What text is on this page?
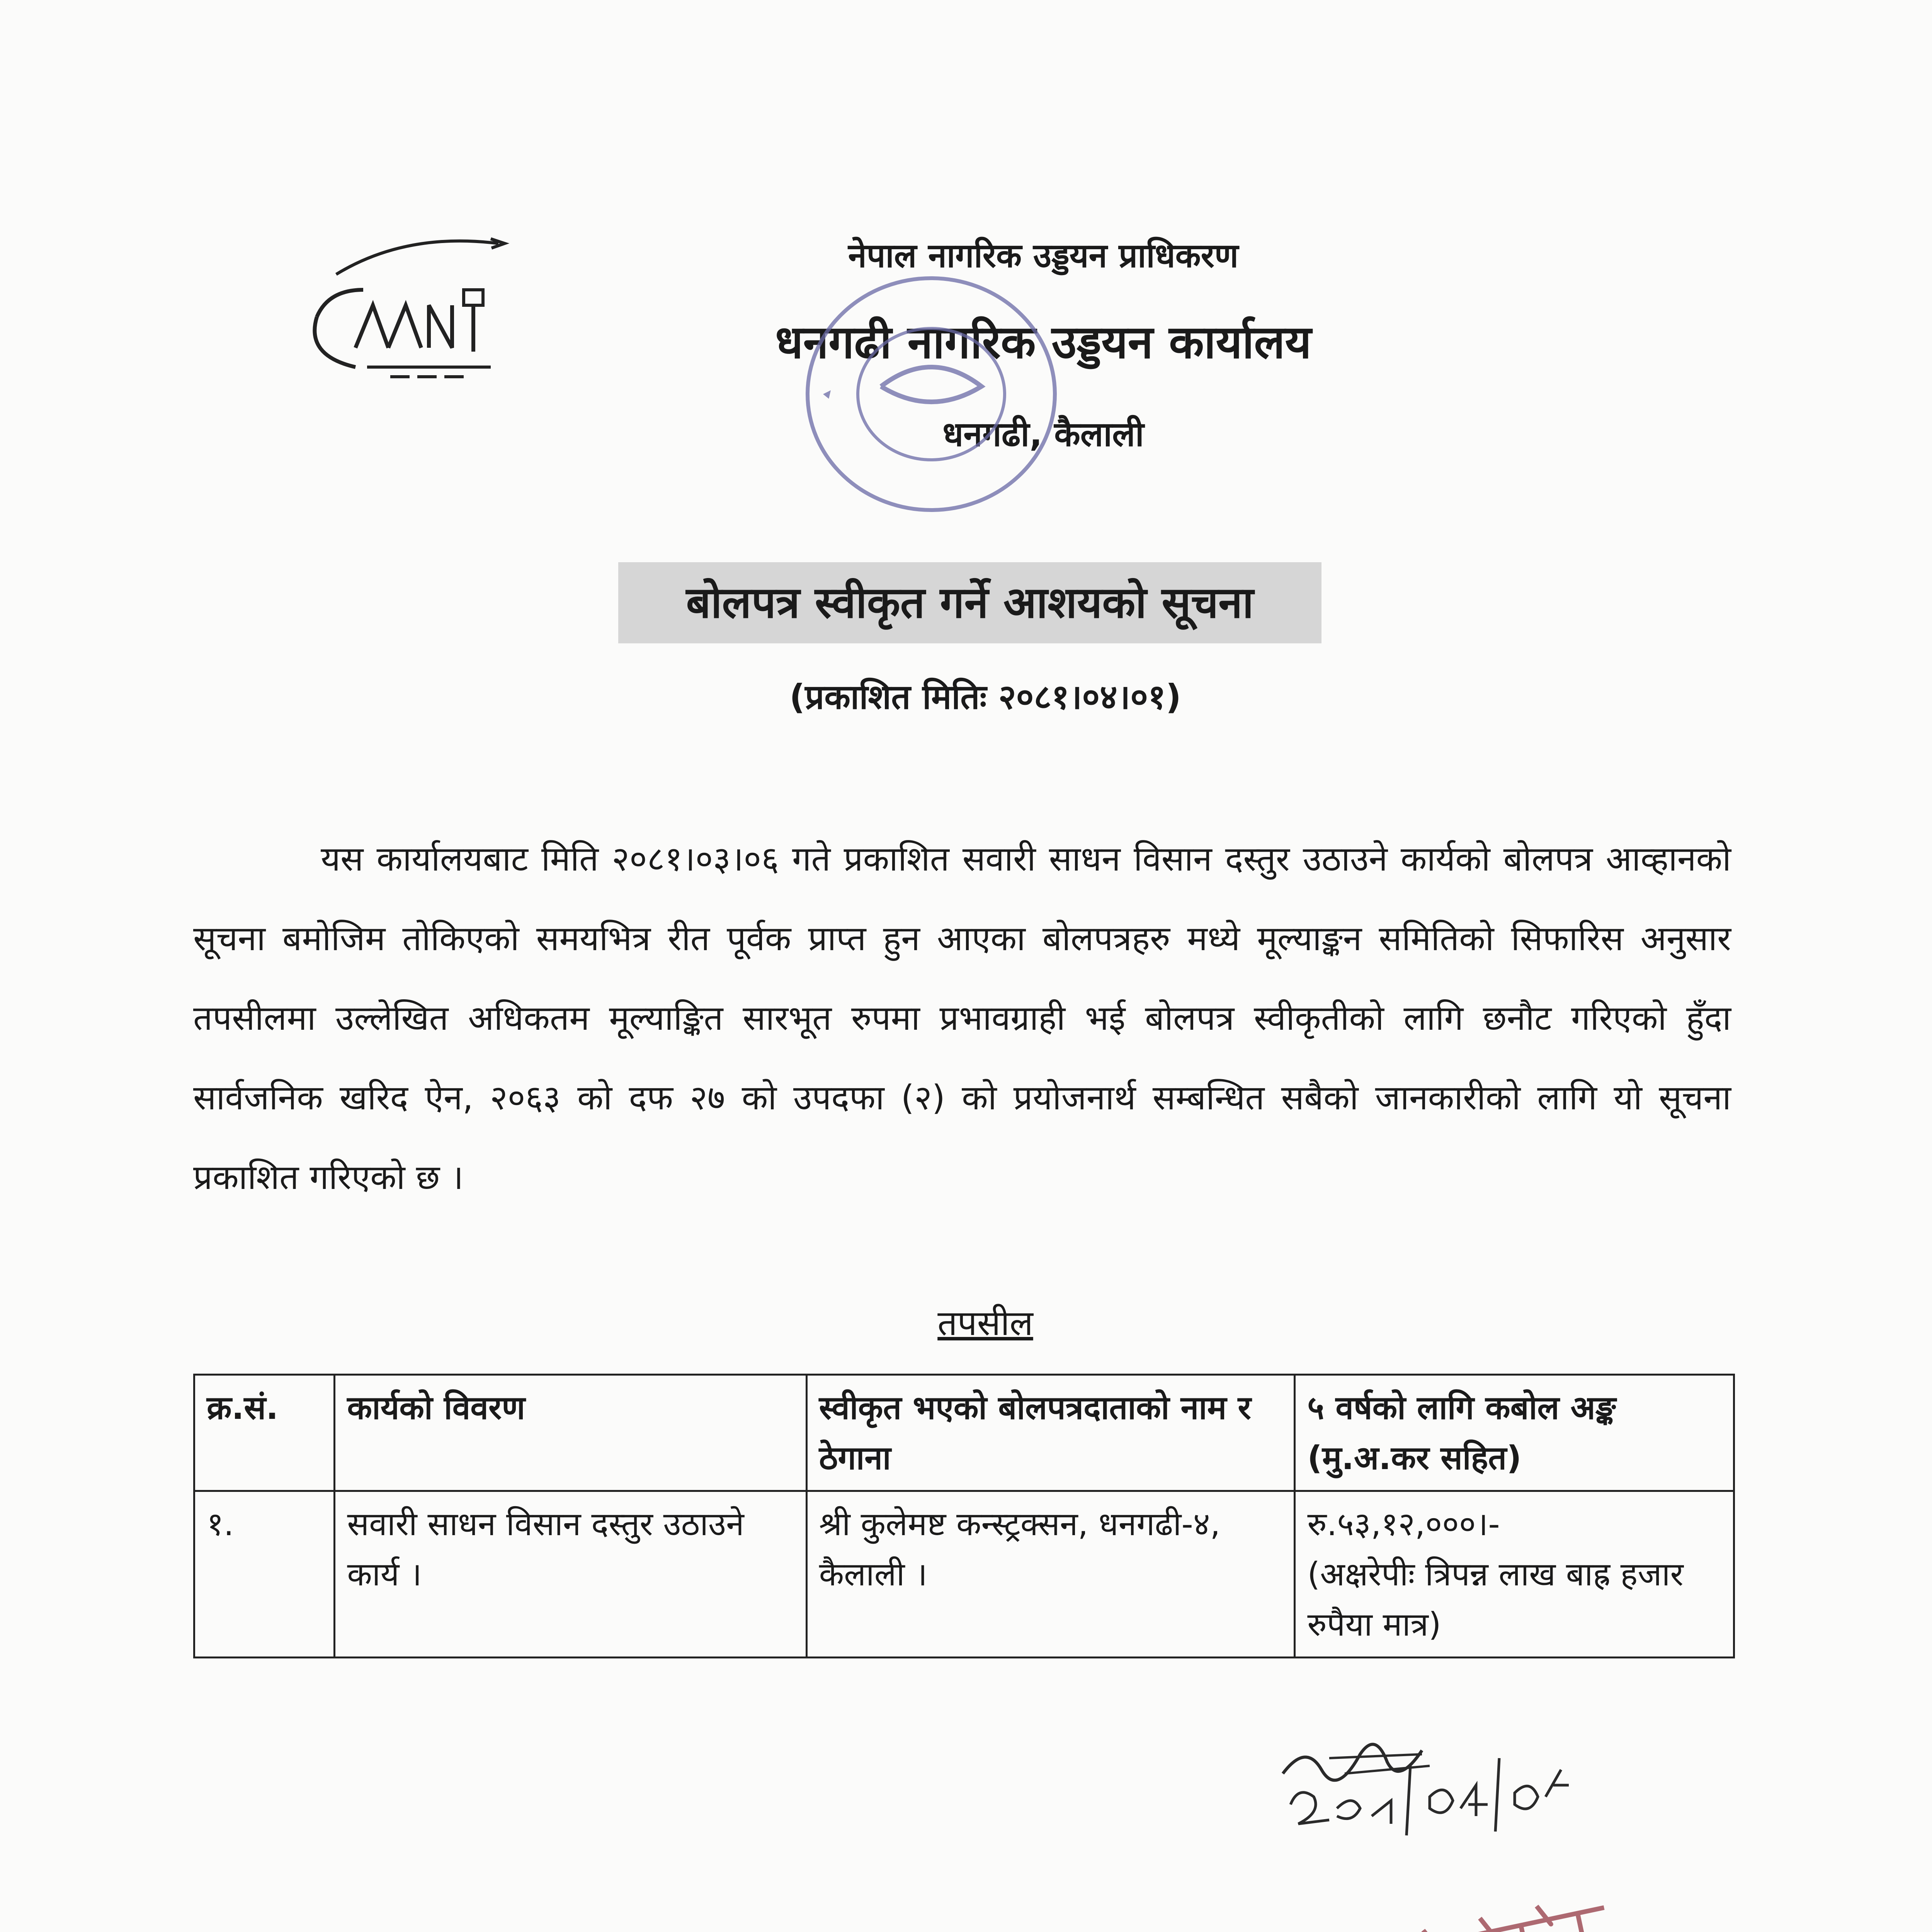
नेपाल नागरिक उड्डयन प्राधिकरण
धनगढी नागरिक उड्डयन कार्यालय
धनगढी, कैलाली
बोलपत्र स्वीकृत गर्ने आशयको सूचना
(प्रकाशित मितिः २०८१।०४।०१)
यस कार्यालयबाट मिति २०८१।०३।०६ गते प्रकाशित सवारी साधन विसान दस्तुर उठाउने कार्यको बोलपत्र आव्हानको सूचना बमोजिम तोकिएको समयभित्र रीत पूर्वक प्राप्त हुन आएका बोलपत्रहरु मध्ये मूल्याङ्कन समितिको सिफारिस अनुसार तपसीलमा उल्लेखित अधिकतम मूल्याङ्कित सारभूत रुपमा प्रभावग्राही भई बोलपत्र स्वीकृतीको लागि छनौट गरिएको हुँदा सार्वजनिक खरिद ऐन, २०६३ को दफ २७ को उपदफा (२) को प्रयोजनार्थ सम्बन्धित सबैको जानकारीको लागि यो सूचना प्रकाशित गरिएको छ ।
तपसील
क्र.सं.	कार्यको विवरण	स्वीकृत भएको बोलपत्रदाताको नाम र ठेगाना	५ वर्षको लागि कबोल अङ्क (मु.अ.कर सहित)
१.	सवारी साधन विसान दस्तुर उठाउने कार्य ।	श्री कुलेमष्ट कन्स्ट्रक्सन, धनगढी-४, कैलाली ।	रु.५३,१२,०००।-
(अक्षरेपीः त्रिपन्न लाख बाह्र हजार रुपैया मात्र)
